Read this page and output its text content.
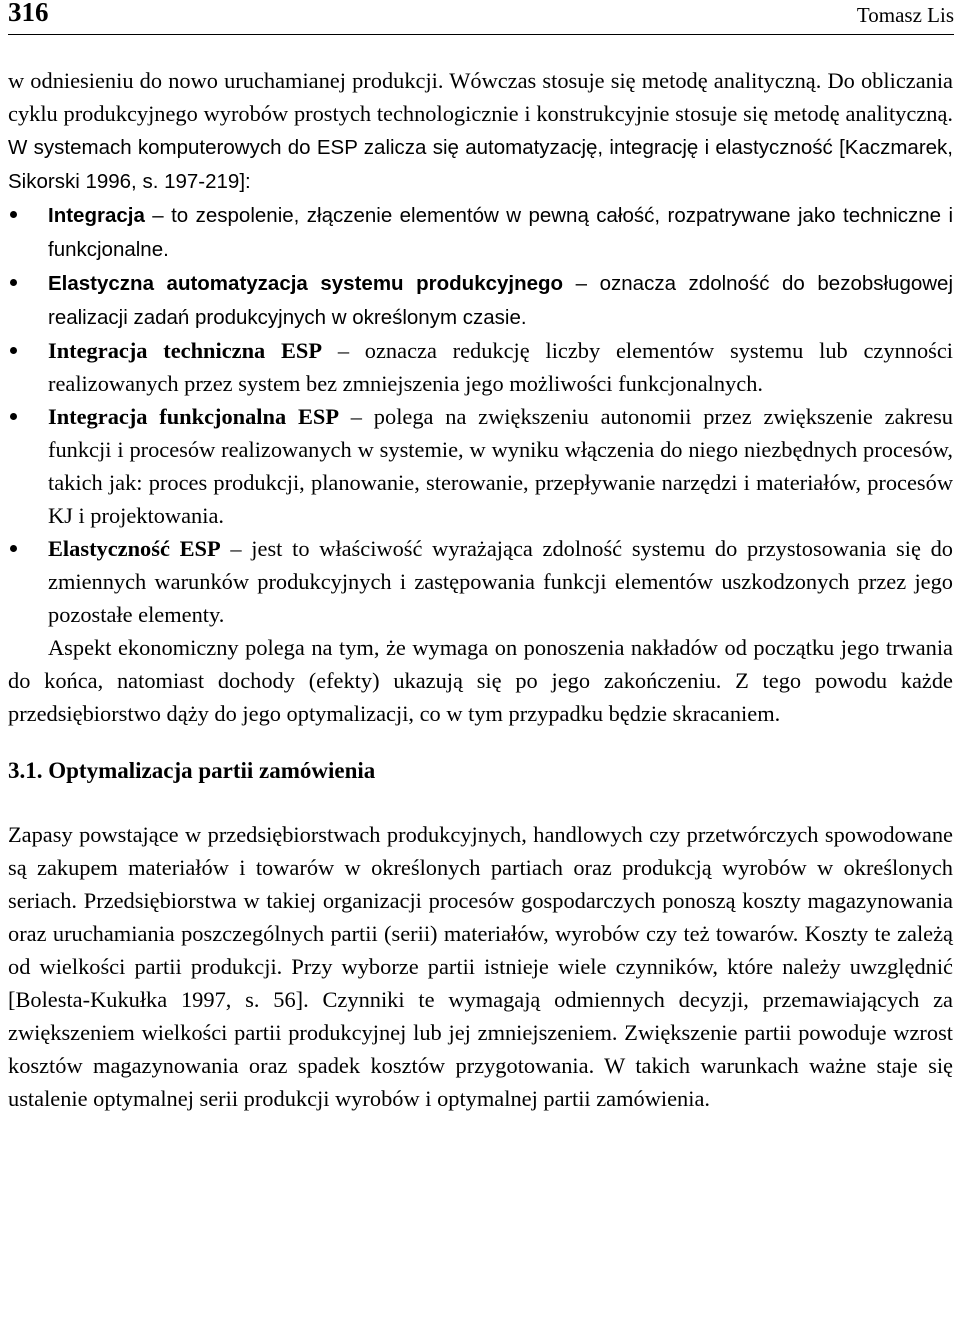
316	Tomasz Lis

w odniesieniu do nowo uruchamianej produkcji. Wówczas stosuje się metodę analityczną. Do obliczania cyklu produkcyjnego wyrobów prostych technologicznie i konstrukcyjnie stosuje się metodę analityczną. W systemach komputerowych do ESP zalicza się automatyzację, integrację i elastyczność [Kaczmarek, Sikorski 1996, s. 197-219]:

Integracja – to zespolenie, złączenie elementów w pewną całość, rozpatrywane jako techniczne i funkcjonalne.
Elastyczna automatyzacja systemu produkcyjnego – oznacza zdolność do bezobsługowej realizacji zadań produkcyjnych w określonym czasie.
Integracja techniczna ESP – oznacza redukcję liczby elementów systemu lub czynności realizowanych przez system bez zmniejszenia jego możliwości funkcjonalnych.
Integracja funkcjonalna ESP – polega na zwiększeniu autonomii przez zwiększenie zakresu funkcji i procesów realizowanych w systemie, w wyniku włączenia do niego niezbędnych procesów, takich jak: proces produkcji, planowanie, sterowanie, przepływanie narzędzi i materiałów, procesów KJ i projektowania.
Elastyczność ESP – jest to właściwość wyrażająca zdolność systemu do przystosowania się do zmiennych warunków produkcyjnych i zastępowania funkcji elementów uszkodzonych przez jego pozostałe elementy.

Aspekt ekonomiczny polega na tym, że wymaga on ponoszenia nakładów od początku jego trwania do końca, natomiast dochody (efekty) ukazują się po jego zakończeniu. Z tego powodu każde przedsiębiorstwo dąży do jego optymalizacji, co w tym przypadku będzie skracaniem.

3.1. Optymalizacja partii zamówienia

Zapasy powstające w przedsiębiorstwach produkcyjnych, handlowych czy przetwórczych spowodowane są zakupem materiałów i towarów w określonych partiach oraz produkcją wyrobów w określonych seriach. Przedsiębiorstwa w takiej organizacji procesów gospodarczych ponoszą koszty magazynowania oraz uruchamiania poszczególnych partii (serii) materiałów, wyrobów czy też towarów. Koszty te zależą od wielkości partii produkcji. Przy wyborze partii istnieje wiele czynników, które należy uwzględnić [Bolesta-Kukułka 1997, s. 56]. Czynniki te wymagają odmiennych decyzji, przemawiających za zwiększeniem wielkości partii produkcyjnej lub jej zmniejszeniem. Zwiększenie partii powoduje wzrost kosztów magazynowania oraz spadek kosztów przygotowania. W takich warunkach ważne staje się ustalenie optymalnej serii produkcji wyrobów i optymalnej partii zamówienia.
